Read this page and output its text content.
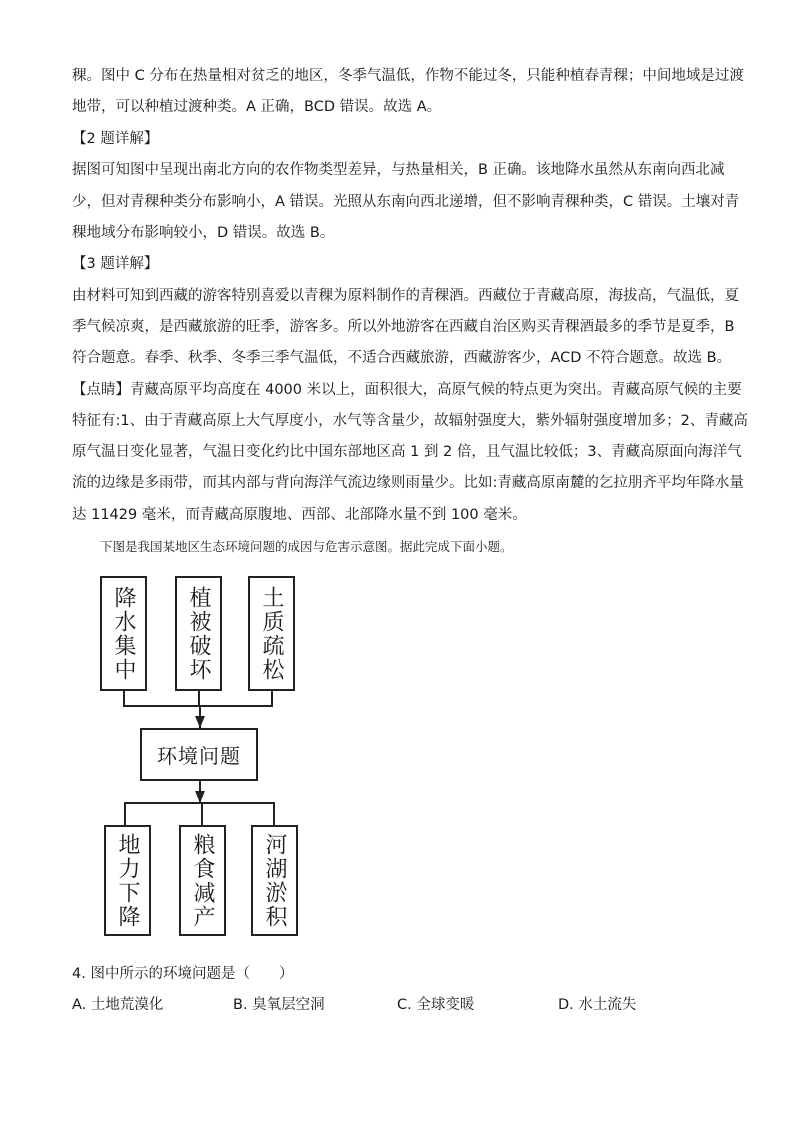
稞。图中 C 分布在热量相对贫乏的地区，冬季气温低，作物不能过冬，只能种植春青稞；中间地域是过渡
地带，可以种植过渡种类。A 正确，BCD 错误。故选 A。
【2 题详解】
据图可知图中呈现出南北方向的农作物类型差异，与热量相关，B 正确。该地降水虽然从东南向西北减
少，但对青稞种类分布影响小，A 错误。光照从东南向西北递增，但不影响青稞种类，C 错误。土壤对青
稞地域分布影响较小，D 错误。故选 B。
【3 题详解】
由材料可知到西藏的游客特别喜爱以青稞为原料制作的青稞酒。西藏位于青藏高原，海拔高，气温低，夏
季气候凉爽，是西藏旅游的旺季，游客多。所以外地游客在西藏自治区购买青稞酒最多的季节是夏季，B
符合题意。春季、秋季、冬季三季气温低，不适合西藏旅游，西藏游客少，ACD 不符合题意。故选 B。
【点睛】青藏高原平均高度在 4000 米以上，面积很大，高原气候的特点更为突出。青藏高原气候的主要
特征有:1、由于青藏高原上大气厚度小，水气等含量少，故辐射强度大，紫外辐射强度增加多；2、青藏高
原气温日变化显著，气温日变化约比中国东部地区高 1 到 2 倍，且气温比较低；3、青藏高原面向海洋气
流的边缘是多雨带，而其内部与背向海洋气流边缘则雨量少。比如:青藏高原南麓的乞拉朋齐平均年降水量
达 11429 毫米，而青藏高原腹地、西部、北部降水量不到 100 毫米。
下图是我国某地区生态环境问题的成因与危害示意图。据此完成下面小题。
降水集中 植被破坏 土质疏松
环境问题
地力下降 粮食减产 河湖淤积
4. 图中所示的环境问题是（　　）
A. 土地荒漠化	B. 臭氧层空洞	C. 全球变暖	D. 水土流失
